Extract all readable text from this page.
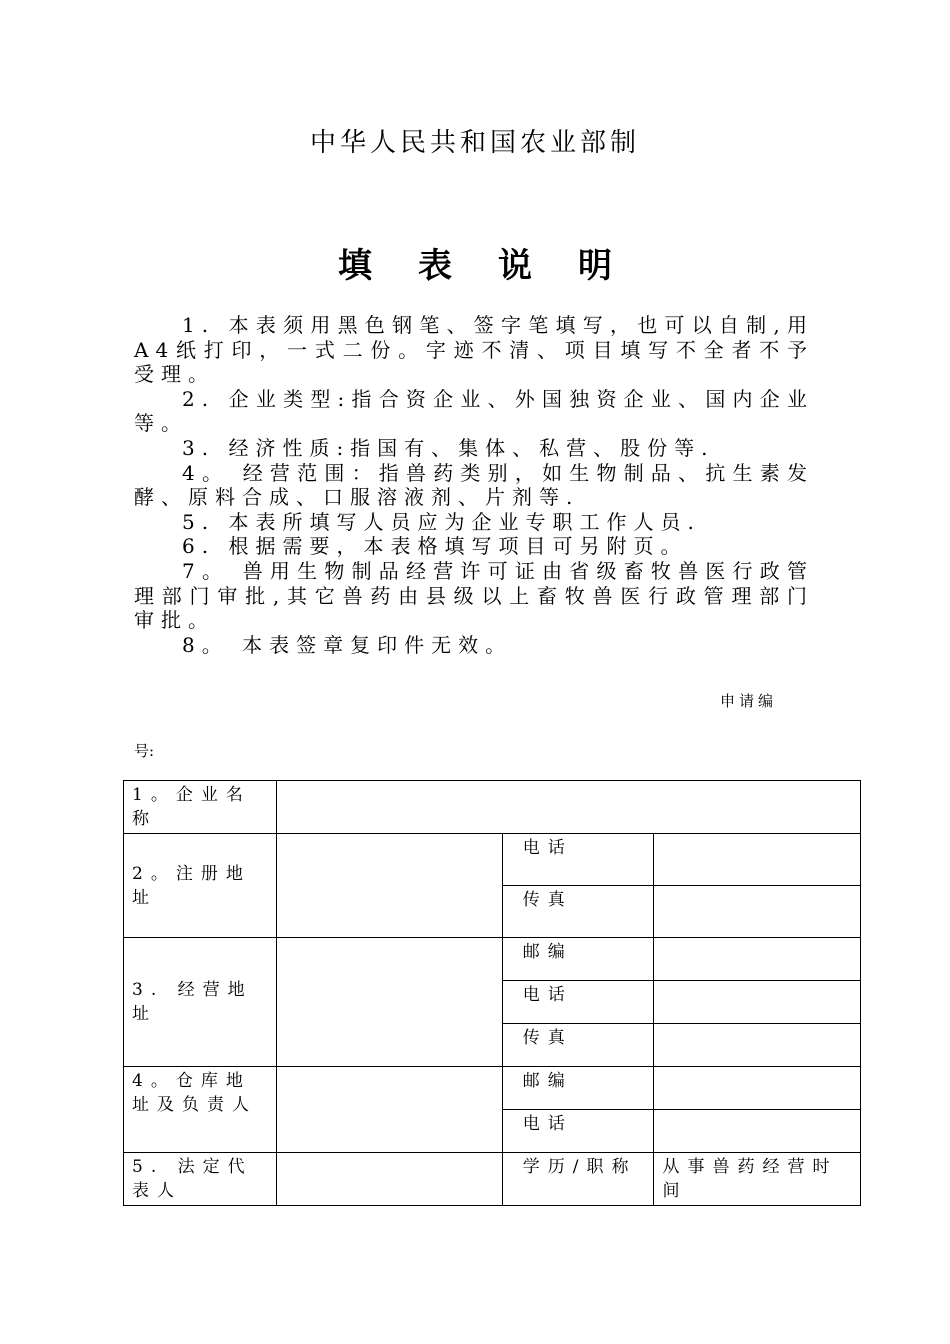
中华人民共和国农业部制
填表说明

1. 本表须用黑色钢笔、签字笔填写，也可以自制,用A4纸打印，一式二份。字迹不清、项目填写不全者不予受理。

2. 企业类型:指合资企业、外国独资企业、国内企业等。

3. 经济性质:指国有、集体、私营、股份等.

4。 经营范围：指兽药类别，如生物制品、抗生素发酵、原料合成、口服溶液剂、片剂等.

5. 本表所填写人员应为企业专职工作人员.

6. 根据需要，本表格填写项目可另附页。

7。 兽用生物制品经营许可证由省级畜牧兽医行政管理部门审批,其它兽药由县级以上畜牧兽医行政管理部门审批。

8。 本表签章复印件无效。

申请编
号:
1。企业名称			
2。注册地址		电话	
		传真	
3. 经营地址		邮编	
		电话	
		传真	
4。仓库地址及负责人		邮编	
		电话	
5. 法定代表人		学历/职称	从事兽药经营时间
